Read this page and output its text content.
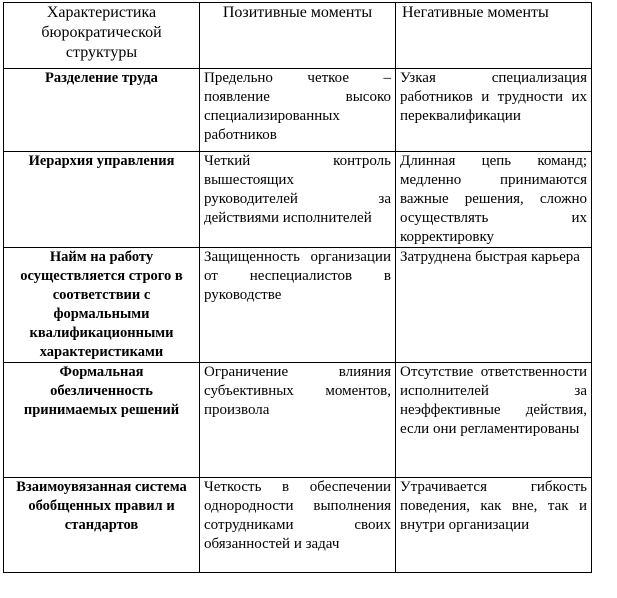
Характеристика бюрократической структуры	Позитивные моменты	Негативные моменты
Разделение труда	Предельно четкое – появление высоко специализированных работников	Узкая специализация работников и трудности их переквалификации
Иерархия управления	Четкий контроль вышестоящих руководителей за действиями исполнителей	Длинная цепь команд; медленно принимаются важные решения, сложно осуществлять их корректировку
Найм на работу осуществляется строго в соответствии с формальными квалификационными характеристиками	Защищенность организации от неспециалистов в руководстве	Затруднена быстрая карьера
Формальная обезличенность принимаемых решений	Ограничение влияния субъективных моментов, произвола	Отсутствие ответственности исполнителей за неэффективные действия, если они регламентированы
Взаимоувязанная система обобщенных правил и стандартов	Четкость в обеспечении однородности выполнения сотрудниками своих обязанностей и задач	Утрачивается гибкость поведения, как вне, так и внутри организации
